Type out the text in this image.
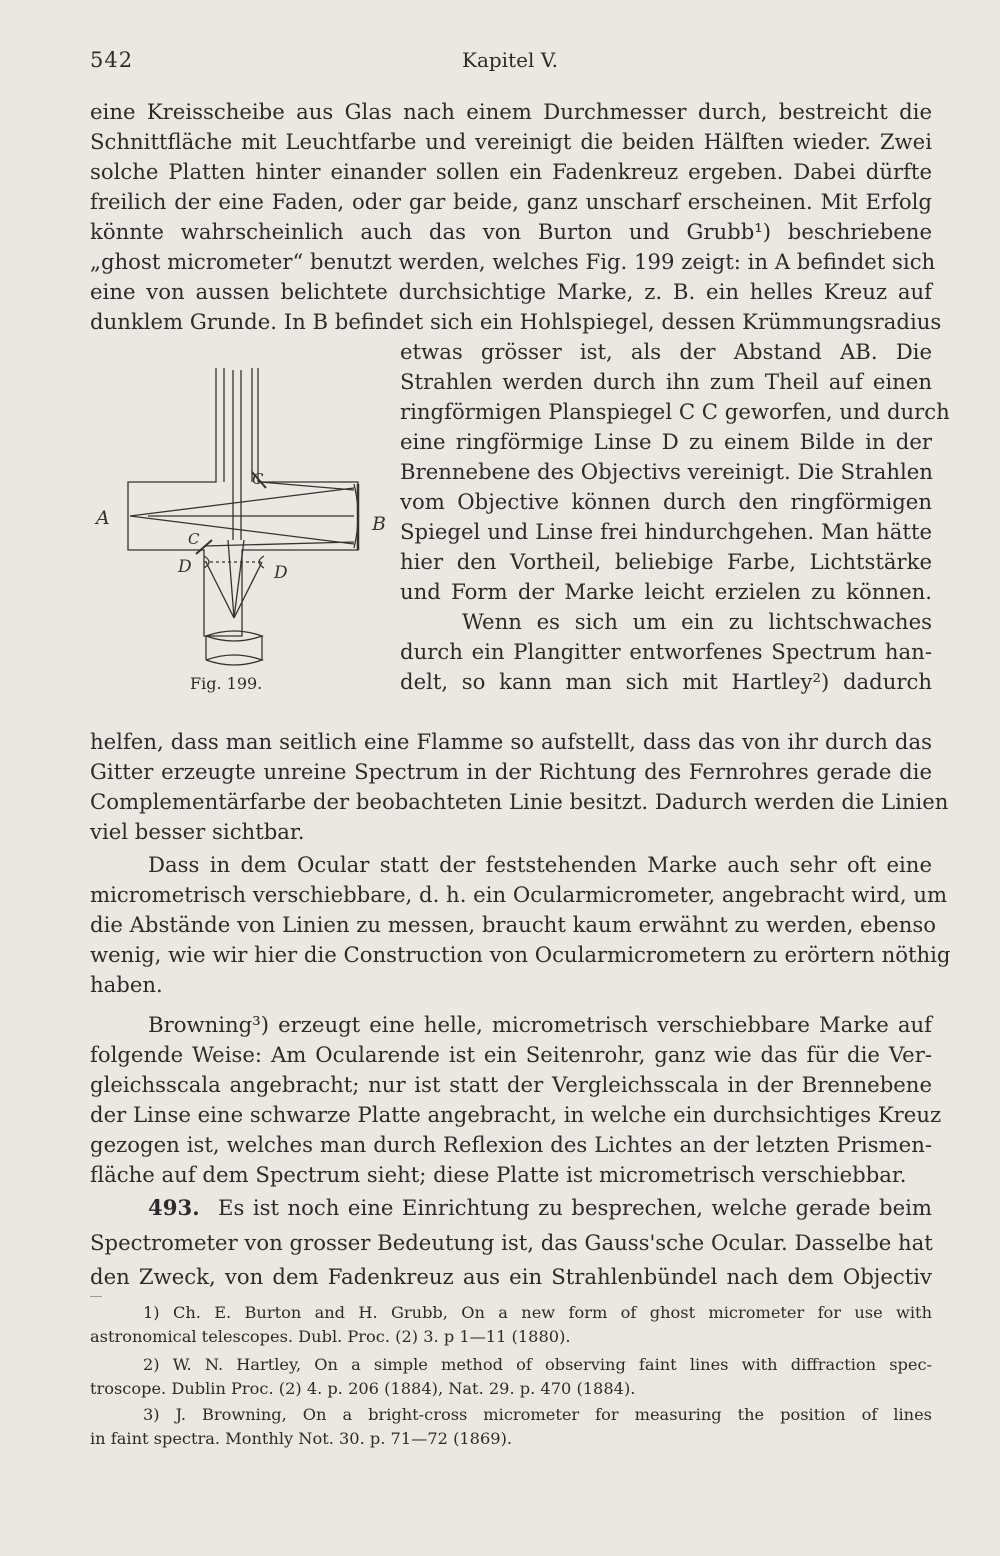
542	Kapitel V.
eine Kreisscheibe aus Glas nach einem Durchmesser durch, bestreicht die
Schnittfläche mit Leuchtfarbe und vereinigt die beiden Hälften wieder. Zwei
solche Platten hinter einander sollen ein Fadenkreuz ergeben. Dabei dürfte
freilich der eine Faden, oder gar beide, ganz unscharf erscheinen. Mit Erfolg
könnte wahrscheinlich auch das von Burton und Grubb¹) beschriebene
„ghost micrometer“ benutzt werden, welches Fig. 199 zeigt: in A befindet sich
eine von aussen belichtete durchsichtige Marke, z. B. ein helles Kreuz auf
dunklem Grunde. In B befindet sich ein Hohlspiegel, dessen Krümmungsradius
etwas grösser ist, als der Abstand AB. Die
Strahlen werden durch ihn zum Theil auf einen
ringförmigen Planspiegel C C geworfen, und durch
eine ringförmige Linse D zu einem Bilde in der
Brennebene des Objectivs vereinigt. Die Strahlen
vom Objective können durch den ringförmigen
Spiegel und Linse frei hindurchgehen. Man hätte
hier den Vortheil, beliebige Farbe, Lichtstärke
und Form der Marke leicht erzielen zu können.
Wenn es sich um ein zu lichtschwaches
durch ein Plangitter entworfenes Spectrum han-
delt, so kann man sich mit Hartley²) dadurch
A	B
C
C
D	D
Fig. 199.
helfen, dass man seitlich eine Flamme so aufstellt, dass das von ihr durch das
Gitter erzeugte unreine Spectrum in der Richtung des Fernrohres gerade die
Complementärfarbe der beobachteten Linie besitzt. Dadurch werden die Linien
viel besser sichtbar.
Dass in dem Ocular statt der feststehenden Marke auch sehr oft eine
micrometrisch verschiebbare, d. h. ein Ocularmicrometer, angebracht wird, um
die Abstände von Linien zu messen, braucht kaum erwähnt zu werden, ebenso
wenig, wie wir hier die Construction von Ocularmicrometern zu erörtern nöthig
haben.
Browning³) erzeugt eine helle, micrometrisch verschiebbare Marke auf
folgende Weise: Am Ocularende ist ein Seitenrohr, ganz wie das für die Ver-
gleichsscala angebracht; nur ist statt der Vergleichsscala in der Brennebene
der Linse eine schwarze Platte angebracht, in welche ein durchsichtiges Kreuz
gezogen ist, welches man durch Reflexion des Lichtes an der letzten Prismen-
fläche auf dem Spectrum sieht; diese Platte ist micrometrisch verschiebbar.
493. Es ist noch eine Einrichtung zu besprechen, welche gerade beim
Spectrometer von grosser Bedeutung ist, das Gauss'sche Ocular. Dasselbe hat
den Zweck, von dem Fadenkreuz aus ein Strahlenbündel nach dem Objectiv
1) Ch. E. Burton and H. Grubb, On a new form of ghost micrometer for use with
astronomical telescopes. Dubl. Proc. (2) 3. p 1—11 (1880).
2) W. N. Hartley, On a simple method of observing faint lines with diffraction spec-
troscope. Dublin Proc. (2) 4. p. 206 (1884), Nat. 29. p. 470 (1884).
3) J. Browning, On a bright-cross micrometer for measuring the position of lines
in faint spectra. Monthly Not. 30. p. 71—72 (1869).
